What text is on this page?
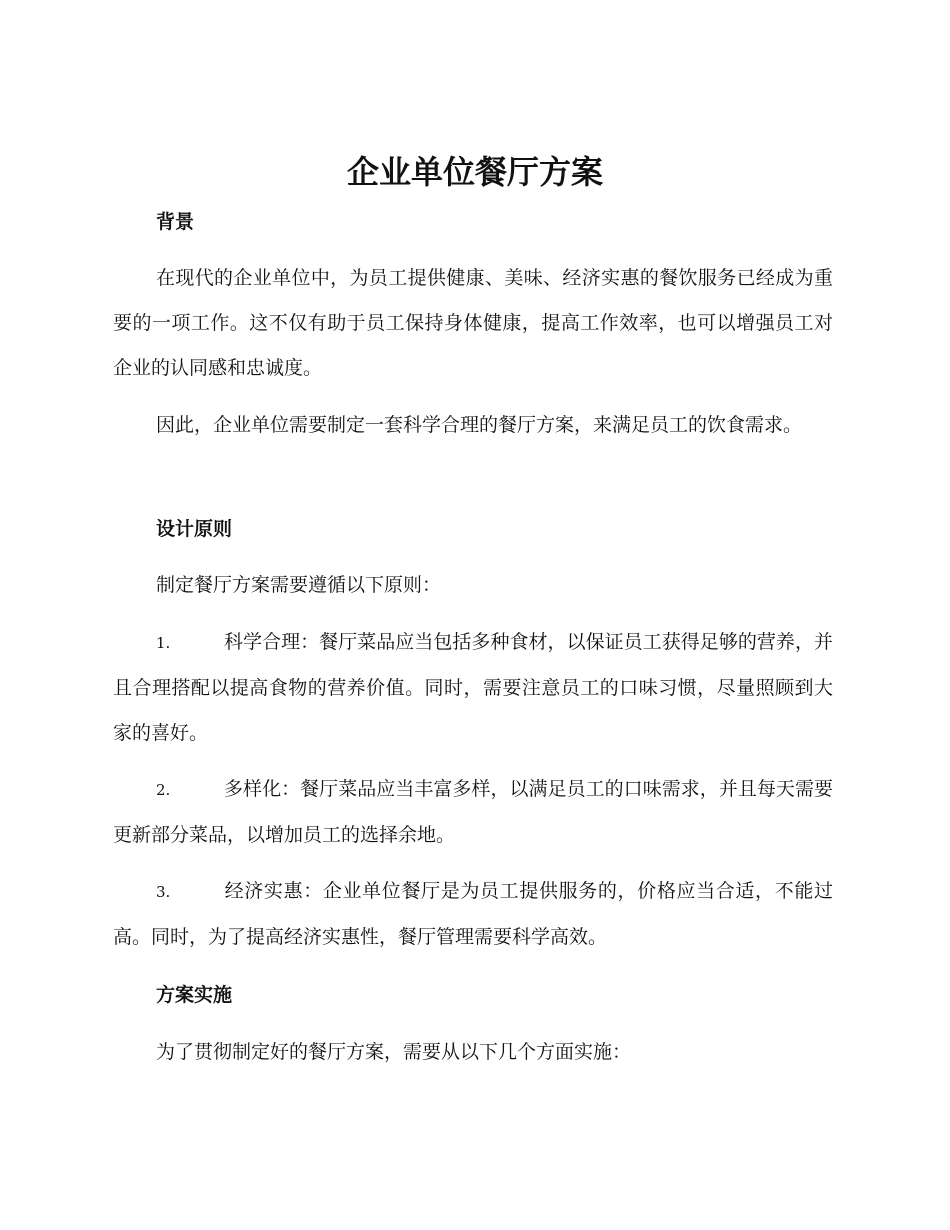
企业单位餐厅方案
背景

在现代的企业单位中，为员工提供健康、美味、经济实惠的餐饮服务已经成为重要的一项工作。这不仅有助于员工保持身体健康，提高工作效率，也可以增强员工对企业的认同感和忠诚度。

因此，企业单位需要制定一套科学合理的餐厅方案，来满足员工的饮食需求。

设计原则

制定餐厅方案需要遵循以下原则：

1.	科学合理：餐厅菜品应当包括多种食材，以保证员工获得足够的营养，并且合理搭配以提高食物的营养价值。同时，需要注意员工的口味习惯，尽量照顾到大家的喜好。

2.	多样化：餐厅菜品应当丰富多样，以满足员工的口味需求，并且每天需要更新部分菜品，以增加员工的选择余地。

3.	经济实惠：企业单位餐厅是为员工提供服务的，价格应当合适，不能过高。同时，为了提高经济实惠性，餐厅管理需要科学高效。

方案实施

为了贯彻制定好的餐厅方案，需要从以下几个方面实施：
